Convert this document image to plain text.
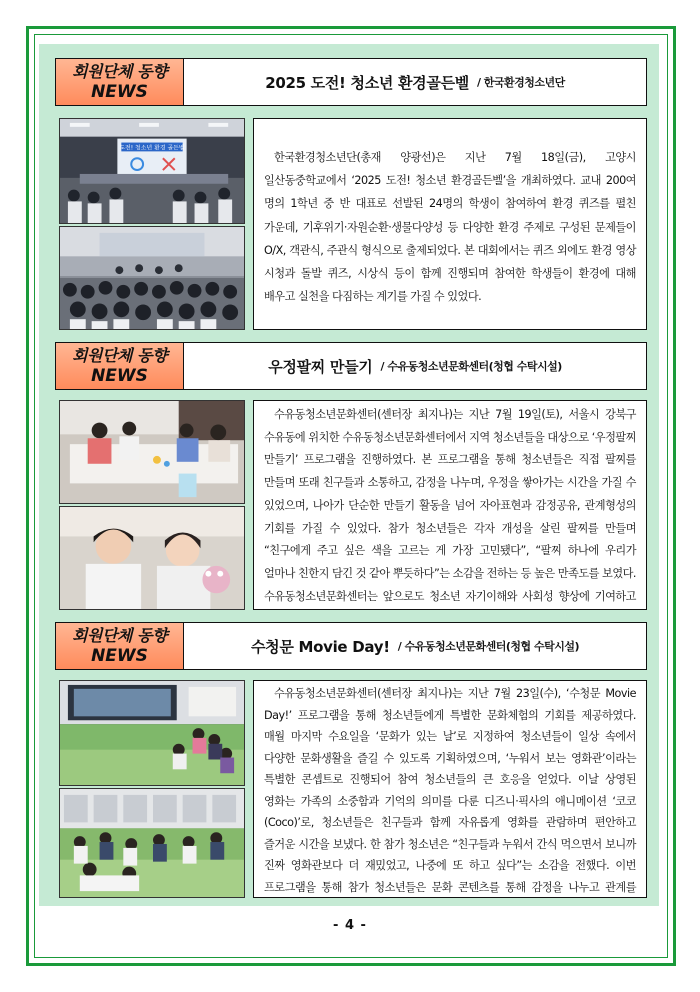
회원단체 동향
NEWS	2025 도전! 청소년 환경골든벨 / 한국환경청소년단
도전! 청소년 환경 골든벨

한국환경청소년단(총재 양광선)은 지난 7월 18일(금), 고양시 일산동중학교에서 ‘2025 도전! 청소년 환경골든벨’을 개최하였다. 교내 200여 명의 1학년 중 반 대표로 선발된 24명의 학생이 참여하여 환경 퀴즈를 펼친 가운데, 기후위기·자원순환·생물다양성 등 다양한 환경 주제로 구성된 문제들이 O/X, 객관식, 주관식 형식으로 출제되었다. 본 대회에서는 퀴즈 외에도 환경 영상 시청과 돌발 퀴즈, 시상식 등이 함께 진행되며 참여한 학생들이 환경에 대해 배우고 실천을 다짐하는 계기를 가질 수 있었다.

회원단체 동향
NEWS	우정팔찌 만들기 / 수유동청소년문화센터(청협 수탁시설)

수유동청소년문화센터(센터장 최지나)는 지난 7월 19일(토), 서울시 강북구 수유동에 위치한 수유동청소년문화센터에서 지역 청소년들을 대상으로 ‘우정팔찌 만들기’ 프로그램을 진행하였다. 본 프로그램을 통해 청소년들은 직접 팔찌를 만들며 또래 친구들과 소통하고, 감정을 나누며, 우정을 쌓아가는 시간을 가질 수 있었으며, 나아가 단순한 만들기 활동을 넘어 자아표현과 감정공유, 관계형성의 기회를 가질 수 있었다. 참가 청소년들은 각자 개성을 살린 팔찌를 만들며 “친구에게 주고 싶은 색을 고르는 게 가장 고민됐다”, “팔찌 하나에 우리가 얼마나 친한지 담긴 것 같아 뿌듯하다”는 소감을 전하는 등 높은 만족도를 보였다. 수유동청소년문화센터는 앞으로도 청소년 자기이해와 사회성 향상에 기여하고

회원단체 동향
NEWS	수청문 Movie Day! / 수유동청소년문화센터(청협 수탁시설)

수유동청소년문화센터(센터장 최지나)는 지난 7월 23일(수), ‘수청문 Movie Day!’ 프로그램을 통해 청소년들에게 특별한 문화체험의 기회를 제공하였다. 매월 마지막 수요일을 ‘문화가 있는 날’로 지정하여 청소년들이 일상 속에서 다양한 문화생활을 즐길 수 있도록 기획하였으며, ‘누워서 보는 영화관’이라는 특별한 콘셉트로 진행되어 참여 청소년들의 큰 호응을 얻었다. 이날 상영된 영화는 가족의 소중함과 기억의 의미를 다룬 디즈니·픽사의 애니메이션 ‘코코(Coco)’로, 청소년들은 친구들과 함께 자유롭게 영화를 관람하며 편안하고 즐거운 시간을 보냈다. 한 참가 청소년은 “친구들과 누워서 간식 먹으면서 보니까 진짜 영화관보다 더 재밌었고, 나중에 또 하고 싶다”는 소감을 전했다. 이번 프로그램을 통해 참가 청소년들은 문화 콘텐츠를 통해 감정을 나누고 관계를

- 4 -
